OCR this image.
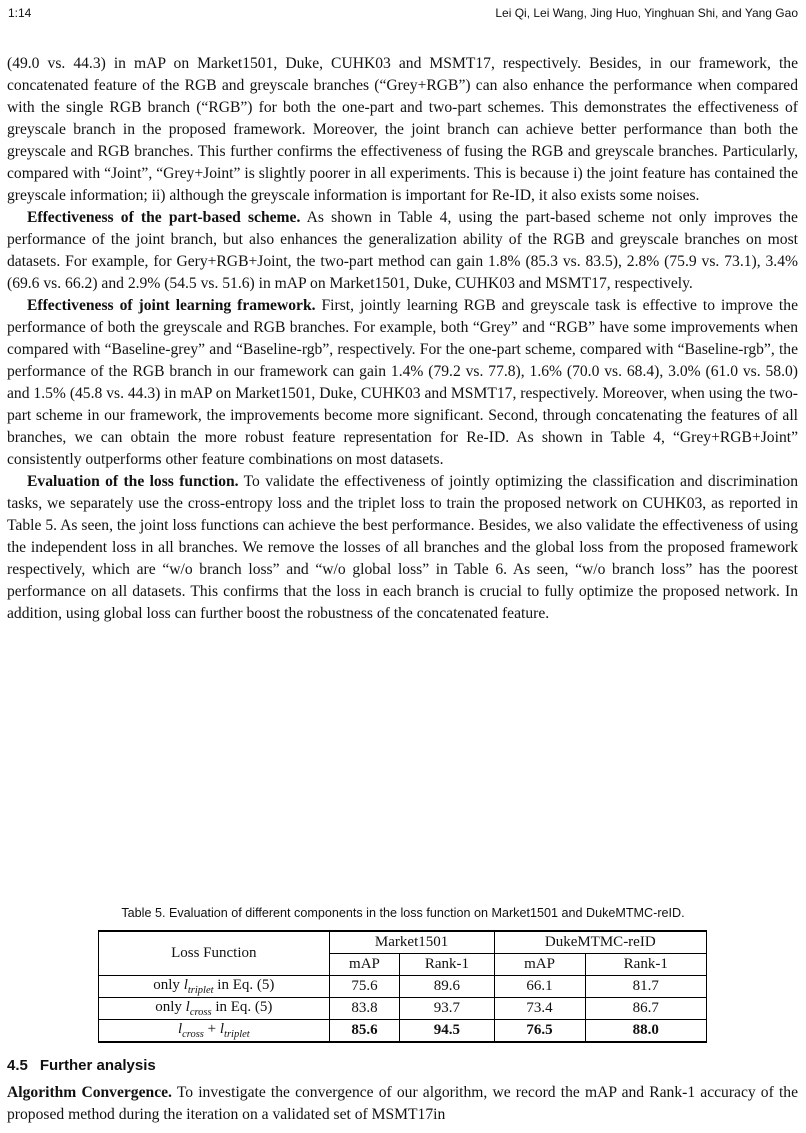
1:14	Lei Qi, Lei Wang, Jing Huo, Yinghuan Shi, and Yang Gao

(49.0 vs. 44.3) in mAP on Market1501, Duke, CUHK03 and MSMT17, respectively. Besides, in our framework, the concatenated feature of the RGB and greyscale branches (“Grey+RGB”) can also enhance the performance when compared with the single RGB branch (“RGB”) for both the one-part and two-part schemes. This demonstrates the effectiveness of greyscale branch in the proposed framework. Moreover, the joint branch can achieve better performance than both the greyscale and RGB branches. This further confirms the effectiveness of fusing the RGB and greyscale branches. Particularly, compared with “Joint”, “Grey+Joint” is slightly poorer in all experiments. This is because i) the joint feature has contained the greyscale information; ii) although the greyscale information is important for Re-ID, it also exists some noises.

Effectiveness of the part-based scheme. As shown in Table 4, using the part-based scheme not only improves the performance of the joint branch, but also enhances the generalization ability of the RGB and greyscale branches on most datasets. For example, for Gery+RGB+Joint, the two-part method can gain 1.8% (85.3 vs. 83.5), 2.8% (75.9 vs. 73.1), 3.4% (69.6 vs. 66.2) and 2.9% (54.5 vs. 51.6) in mAP on Market1501, Duke, CUHK03 and MSMT17, respectively.

Effectiveness of joint learning framework. First, jointly learning RGB and greyscale task is effective to improve the performance of both the greyscale and RGB branches. For example, both “Grey” and “RGB” have some improvements when compared with “Baseline-grey” and “Baseline-rgb”, respectively. For the one-part scheme, compared with “Baseline-rgb”, the performance of the RGB branch in our framework can gain 1.4% (79.2 vs. 77.8), 1.6% (70.0 vs. 68.4), 3.0% (61.0 vs. 58.0) and 1.5% (45.8 vs. 44.3) in mAP on Market1501, Duke, CUHK03 and MSMT17, respectively. Moreover, when using the two-part scheme in our framework, the improvements become more significant. Second, through concatenating the features of all branches, we can obtain the more robust feature representation for Re-ID. As shown in Table 4, “Grey+RGB+Joint” consistently outperforms other feature combinations on most datasets.

Evaluation of the loss function. To validate the effectiveness of jointly optimizing the classification and discrimination tasks, we separately use the cross-entropy loss and the triplet loss to train the proposed network on CUHK03, as reported in Table 5. As seen, the joint loss functions can achieve the best performance. Besides, we also validate the effectiveness of using the independent loss in all branches. We remove the losses of all branches and the global loss from the proposed framework respectively, which are “w/o branch loss” and “w/o global loss” in Table 6. As seen, “w/o branch loss” has the poorest performance on all datasets. This confirms that the loss in each branch is crucial to fully optimize the proposed network. In addition, using global loss can further boost the robustness of the concatenated feature.

Table 5. Evaluation of different components in the loss function on Market1501 and DukeMTMC-reID.
Loss Function	Market1501		DukeMTMC-reID	
	mAP	Rank-1	mAP	Rank-1
only $l_{triplet}$ in Eq. (5)	75.6	89.6	66.1	81.7
only $l_{cross}$ in Eq. (5)	83.8	93.7	73.4	86.7
$l_{cross} + l_{triplet}$	85.6	94.5	76.5	88.0
4.5 Further analysis

Algorithm Convergence. To investigate the convergence of our algorithm, we record the mAP and Rank-1 accuracy of the proposed method during the iteration on a validated set of MSMT17in
